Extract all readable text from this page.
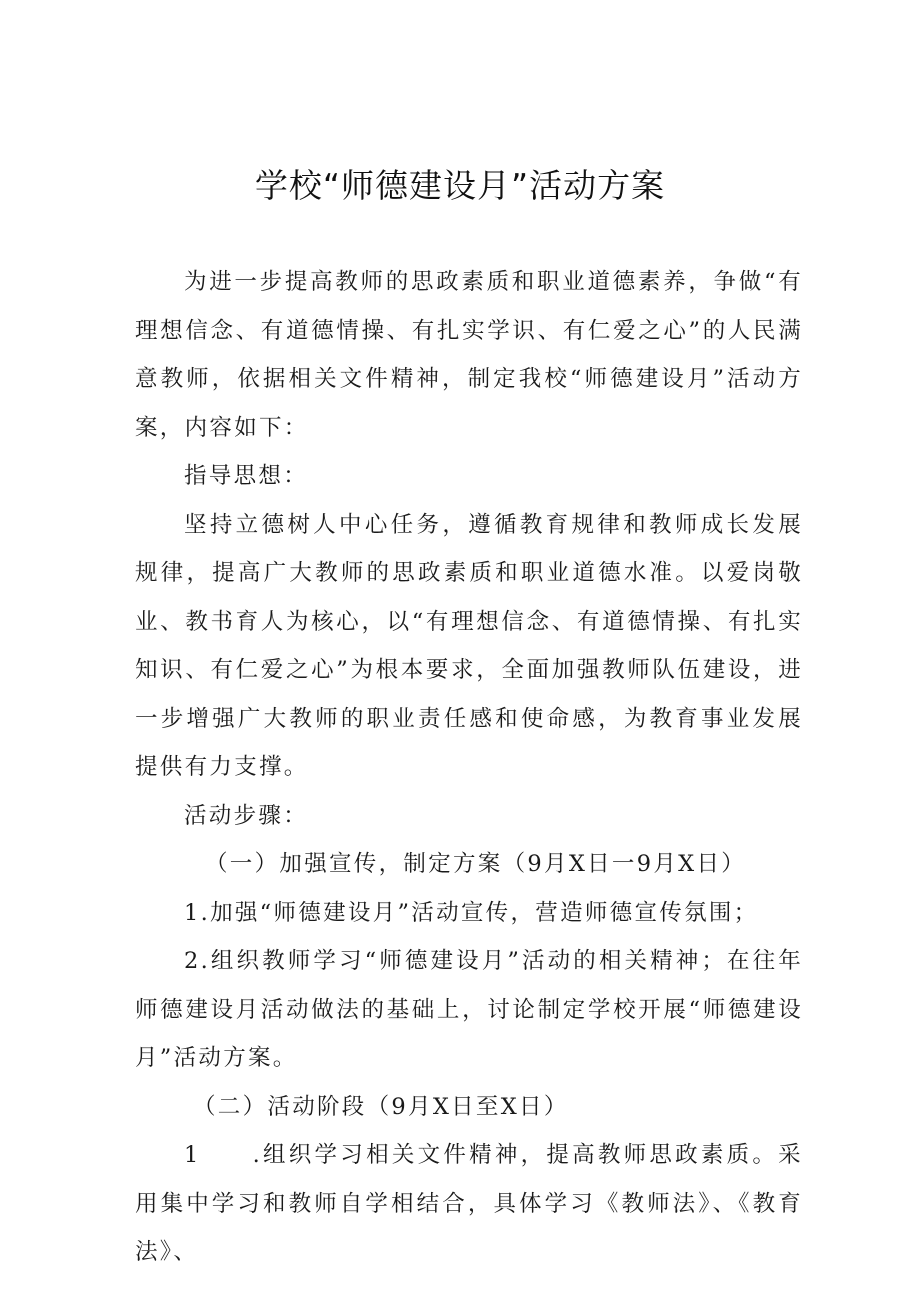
学校“师德建设月”活动方案

为进一步提高教师的思政素质和职业道德素养，争做“有理想信念、有道德情操、有扎实学识、有仁爱之心”的人民满意教师，依据相关文件精神，制定我校“师德建设月”活动方案，内容如下：

指导思想：

坚持立德树人中心任务，遵循教育规律和教师成长发展规律，提高广大教师的思政素质和职业道德水准。以爱岗敬业、教书育人为核心，以“有理想信念、有道德情操、有扎实知识、有仁爱之心”为根本要求，全面加强教师队伍建设，进一步增强广大教师的职业责任感和使命感，为教育事业发展提供有力支撑。

活动步骤：

（一）加强宣传，制定方案（9月X日一9月X日）

1.加强“师德建设月”活动宣传，营造师德宣传氛围；

2.组织教师学习“师德建设月”活动的相关精神；在往年师德建设月活动做法的基础上，讨论制定学校开展“师德建设月”活动方案。

（二）活动阶段（9月X日至X日）

1 .组织学习相关文件精神，提高教师思政素质。采用集中学习和教师自学相结合，具体学习《教师法》、《教育法》、
